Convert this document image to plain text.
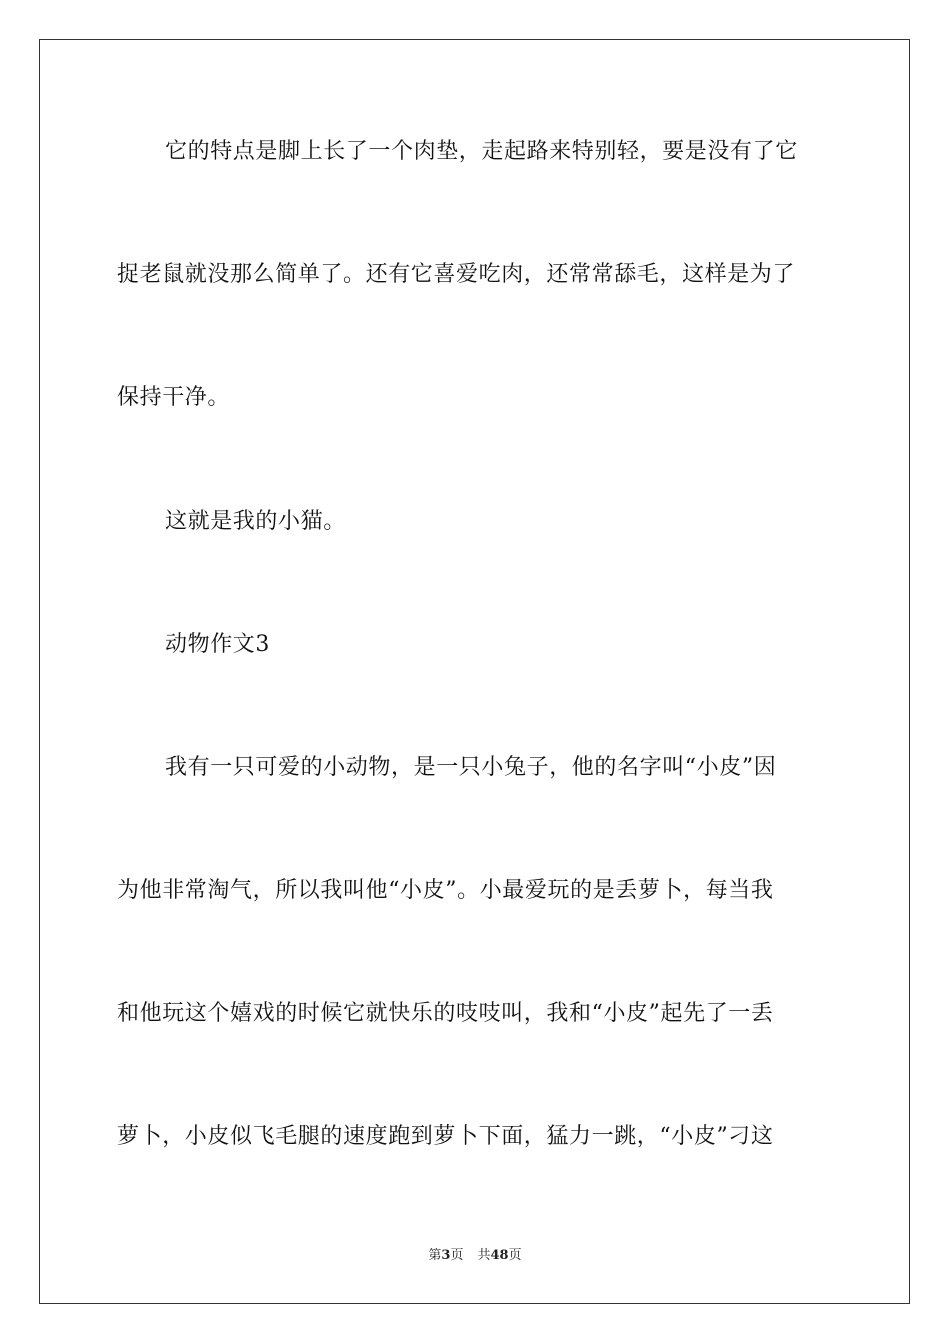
它的特点是脚上长了一个肉垫，走起路来特别轻，要是没有了它
捉老鼠就没那么简单了。还有它喜爱吃肉，还常常舔毛，这样是为了
保持干净。
这就是我的小猫。
动物作文3
我有一只可爱的小动物，是一只小兔子，他的名字叫“小皮”因
为他非常淘气，所以我叫他“小皮”。小最爱玩的是丢萝卜，每当我
和他玩这个嬉戏的时候它就快乐的吱吱叫，我和“小皮”起先了一丢
萝卜，小皮似飞毛腿的速度跑到萝卜下面，猛力一跳，“小皮”刁这
第3页 共48页
